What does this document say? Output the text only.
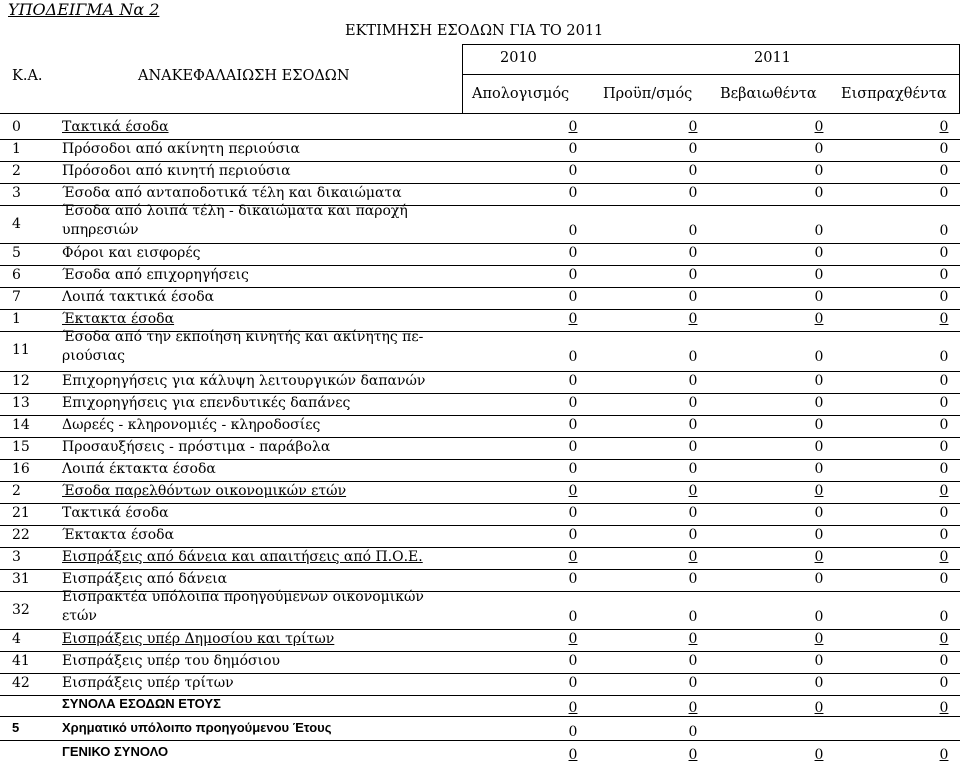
ΥΠΟΔΕΙΓΜΑ Να 2
ΕΚΤΙΜΗΣΗ ΕΣΟΔΩΝ ΓΙΑ ΤΟ 2011
Κ.Α.	ΑΝΑΚΕΦΑΛΑΙΩΣΗ ΕΣΟΔΩΝ
2010	2011
Απολογισμός Προϋπ/σμός Βεβαιωθέντα Εισπραχθέντα
0	Τακτικά έσοδα	0	0	0	0
1	Πρόσοδοι από ακίνητη περιούσια	0	0	0	0
2	Πρόσοδοι από κινητή περιούσια	0	0	0	0
3	Έσοδα από ανταποδοτικά τέλη και δικαιώματα	0	0	0	0
4
Έσοδα από λοιπά τέλη - δικαιώματα και παροχή
υπηρεσιών	0	0	0	0
5	Φόροι και εισφορές	0	0	0	0
6	Έσοδα από επιχορηγήσεις	0	0	0	0
7	Λοιπά τακτικά έσοδα	0	0	0	0
1	Έκτακτα έσοδα	0	0	0	0
11
Έσοδα από την εκποίηση κινητής και ακίνητης πε-
ριούσιας	0	0	0	0
12 Επιχορηγήσεις για κάλυψη λειτουργικών δαπανών	0	0	0	0
13 Επιχορηγήσεις για επενδυτικές δαπάνες	0	0	0	0
14 Δωρεές - κληρονομιές - κληροδοσίες	0	0	0	0
15 Προσαυξήσεις - πρόστιμα - παράβολα	0	0	0	0
16 Λοιπά έκτακτα έσοδα	0	0	0	0
2	Έσοδα παρελθόντων οικονομικών ετών	0	0	0	0
21 Τακτικά έσοδα	0	0	0	0
22 Έκτακτα έσοδα	0	0	0	0
3	Εισπράξεις από δάνεια και απαιτήσεις από Π.Ο.Ε.	0	0	0	0
31 Εισπράξεις από δάνεια	0	0	0	0
32
Εισπρακτέα υπόλοιπα προηγούμενων οικονομικών
ετών	0	0	0	0
4	Εισπράξεις υπέρ Δημοσίου και τρίτων	0	0	0	0
41 Εισπράξεις υπέρ του δημόσιου	0	0	0	0
42 Εισπράξεις υπέρ τρίτων	0	0	0	0
ΣΥΝΟΛΑ ΕΣΟΔΩΝ ΕΤΟΥΣ	0	0	0	0
5	Χρηματικό υπόλοιπο προηγούμενου Έτους	0	0
ΓΕΝΙΚΟ ΣΥΝΟΛΟ	0	0	0	0
